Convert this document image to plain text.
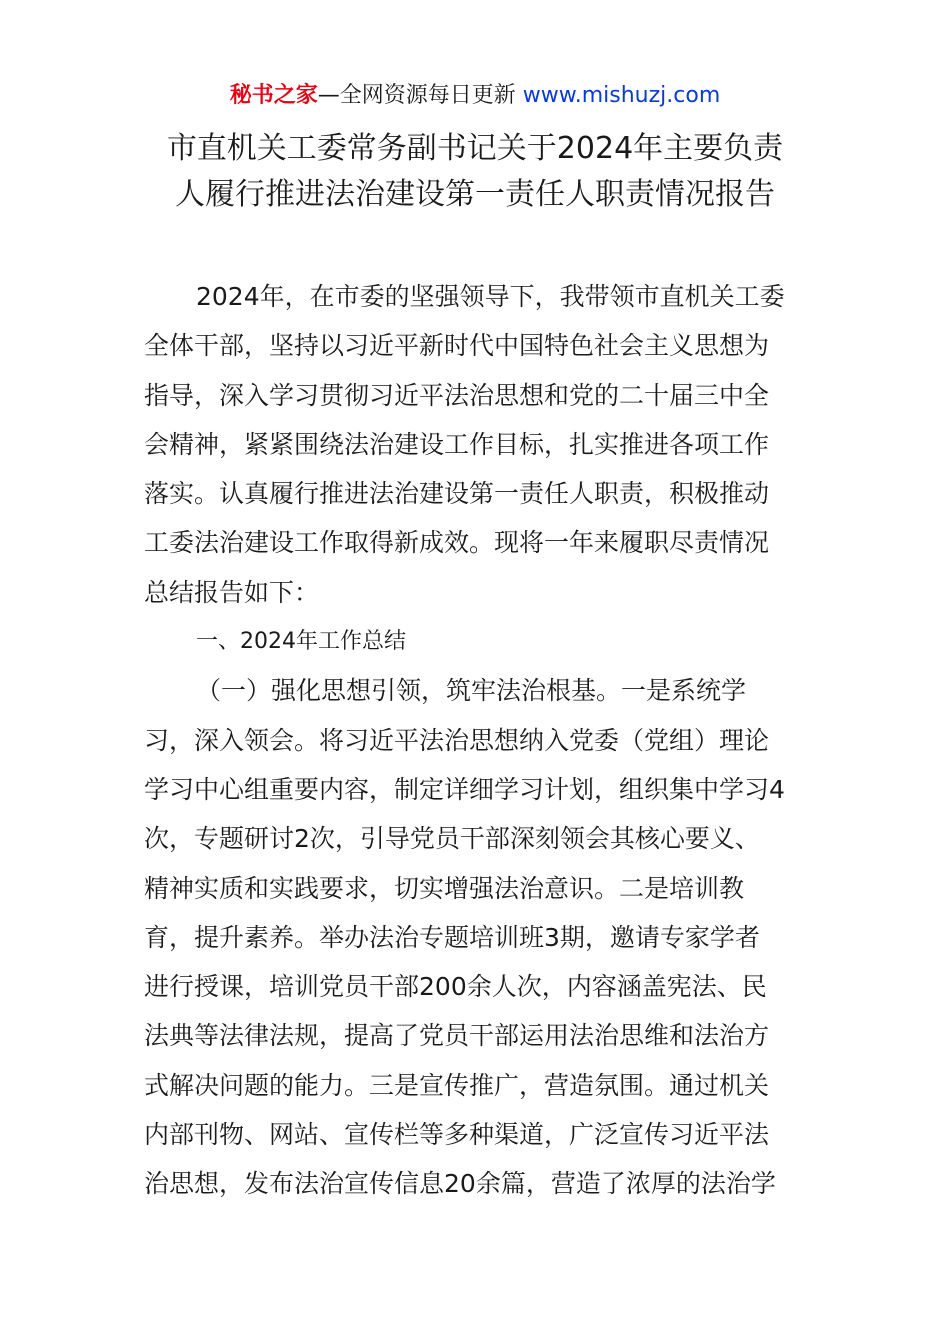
秘书之家—全网资源每日更新 www.mishuzj.com
市直机关工委常务副书记关于2024年主要负责
人履行推进法治建设第一责任人职责情况报告
2024年，在市委的坚强领导下，我带领市直机关工委
全体干部，坚持以习近平新时代中国特色社会主义思想为
指导，深入学习贯彻习近平法治思想和党的二十届三中全
会精神，紧紧围绕法治建设工作目标，扎实推进各项工作
落实。认真履行推进法治建设第一责任人职责，积极推动
工委法治建设工作取得新成效。现将一年来履职尽责情况
总结报告如下：
一、2024年工作总结
（一）强化思想引领，筑牢法治根基。一是系统学
习，深入领会。将习近平法治思想纳入党委（党组）理论
学习中心组重要内容，制定详细学习计划，组织集中学习4
次，专题研讨2次，引导党员干部深刻领会其核心要义、
精神实质和实践要求，切实增强法治意识。二是培训教
育，提升素养。举办法治专题培训班3期，邀请专家学者
进行授课，培训党员干部200余人次，内容涵盖宪法、民
法典等法律法规，提高了党员干部运用法治思维和法治方
式解决问题的能力。三是宣传推广，营造氛围。通过机关
内部刊物、网站、宣传栏等多种渠道，广泛宣传习近平法
治思想，发布法治宣传信息20余篇，营造了浓厚的法治学
